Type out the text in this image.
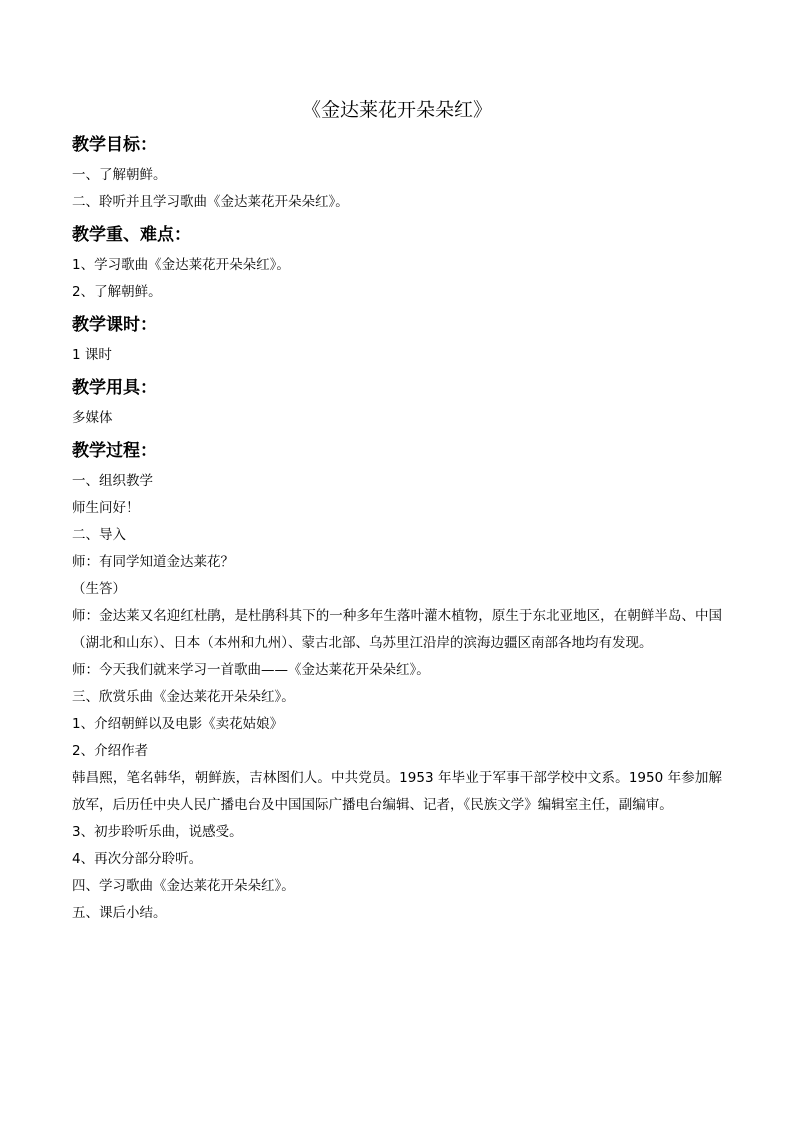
《金达莱花开朵朵红》
教学目标：

一、了解朝鲜。

二、聆听并且学习歌曲《金达莱花开朵朵红》。

教学重、难点：

1、学习歌曲《金达莱花开朵朵红》。

2、了解朝鲜。

教学课时：

1 课时

教学用具：

多媒体

教学过程：

一、组织教学

师生问好！

二、导入

师：有同学知道金达莱花？

（生答）

师：金达莱又名迎红杜鹃，是杜鹃科其下的一种多年生落叶灌木植物，原生于东北亚地区，在朝鲜半岛、中国（湖北和山东）、日本（本州和九州）、蒙古北部、乌苏里江沿岸的滨海边疆区南部各地均有发现。

师：今天我们就来学习一首歌曲——《金达莱花开朵朵红》。

三、欣赏乐曲《金达莱花开朵朵红》。

1、介绍朝鲜以及电影《卖花姑娘》

2、介绍作者

韩昌熙，笔名韩华，朝鲜族，吉林图们人。中共党员。1953 年毕业于军事干部学校中文系。1950 年参加解放军，后历任中央人民广播电台及中国国际广播电台编辑、记者，《民族文学》编辑室主任，副编审。

3、初步聆听乐曲，说感受。

4、再次分部分聆听。

四、学习歌曲《金达莱花开朵朵红》。

五、课后小结。
